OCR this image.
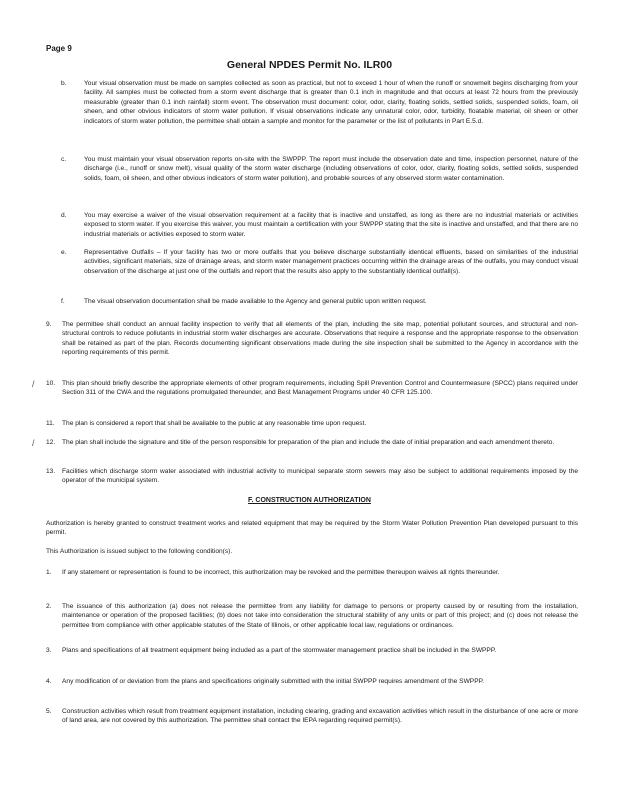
Page 9
General NPDES Permit No. ILR00
b.	Your visual observation must be made on samples collected as soon as practical, but not to exceed 1 hour of when the runoff or snowmelt begins discharging from your facility. All samples must be collected from a storm event discharge that is greater than 0.1 inch in magnitude and that occurs at least 72 hours from the previously measurable (greater than 0.1 inch rainfall) storm event. The observation must document: color, odor, clarity, floating solids, settled solids, suspended solids, foam, oil sheen, and other obvious indicators of storm water pollution. If visual observations indicate any unnatural color, odor, turbidity, floatable material, oil sheen or other indicators of storm water pollution, the permittee shall obtain a sample and monitor for the parameter or the list of pollutants in Part E.5.d.
c.	You must maintain your visual observation reports on-site with the SWPPP. The report must include the observation date and time, inspection personnel, nature of the discharge (i.e., runoff or snow melt), visual quality of the storm water discharge (including observations of color, odor, clarity, floating solids, settled solids, suspended solids, foam, oil sheen, and other obvious indicators of storm water pollution), and probable sources of any observed storm water contamination.
d.	You may exercise a waiver of the visual observation requirement at a facility that is inactive and unstaffed, as long as there are no industrial materials or activities exposed to storm water. If you exercise this waiver, you must maintain a certification with your SWPPP stating that the site is inactive and unstaffed, and that there are no industrial materials or activities exposed to storm water.
e.	Representative Outfalls – If your facility has two or more outfalls that you believe discharge substantially identical effluents, based on similarities of the industrial activities, significant materials, size of drainage areas, and storm water management practices occurring within the drainage areas of the outfalls, you may conduct visual observation of the discharge at just one of the outfalls and report that the results also apply to the substantially identical outfall(s).
f.	The visual observation documentation shall be made available to the Agency and general public upon written request.
9. The permittee shall conduct an annual facility inspection to verify that all elements of the plan, including the site map, potential pollutant sources, and structural and non-structural controls to reduce pollutants in industrial storm water discharges are accurate. Observations that require a response and the appropriate response to the observation shall be retained as part of the plan. Records documenting significant observations made during the site inspection shall be submitted to the Agency in accordance with the reporting requirements of this permit.
/ 10. This plan should briefly describe the appropriate elements of other program requirements, including Spill Prevention Control and Countermeasure (SPCC) plans required under Section 311 of the CWA and the regulations promulgated thereunder, and Best Management Programs under 40 CFR 125.100.
11. The plan is considered a report that shall be available to the public at any reasonable time upon request.
/ 12. The plan shall include the signature and title of the person responsible for preparation of the plan and include the date of initial preparation and each amendment thereto.
13. Facilities which discharge storm water associated with industrial activity to municipal separate storm sewers may also be subject to additional requirements imposed by the operator of the municipal system.
F. CONSTRUCTION AUTHORIZATION
Authorization is hereby granted to construct treatment works and related equipment that may be required by the Storm Water Pollution Prevention Plan developed pursuant to this permit.
This Authorization is issued subject to the following condition(s).
1. If any statement or representation is found to be incorrect, this authorization may be revoked and the permittee thereupon waives all rights thereunder.
2. The issuance of this authorization (a) does not release the permittee from any liability for damage to persons or property caused by or resulting from the installation, maintenance or operation of the proposed facilities; (b) does not take into consideration the structural stability of any units or part of this project; and (c) does not release the permittee from compliance with other applicable statutes of the State of Illinois, or other applicable local law, regulations or ordinances.
3. Plans and specifications of all treatment equipment being included as a part of the stormwater management practice shall be included in the SWPPP.
4. Any modification of or deviation from the plans and specifications originally submitted with the initial SWPPP requires amendment of the SWPPP.
5. Construction activities which result from treatment equipment installation, including clearing, grading and excavation activities which result in the disturbance of one acre or more of land area, are not covered by this authorization. The permittee shall contact the IEPA regarding required permit(s).
